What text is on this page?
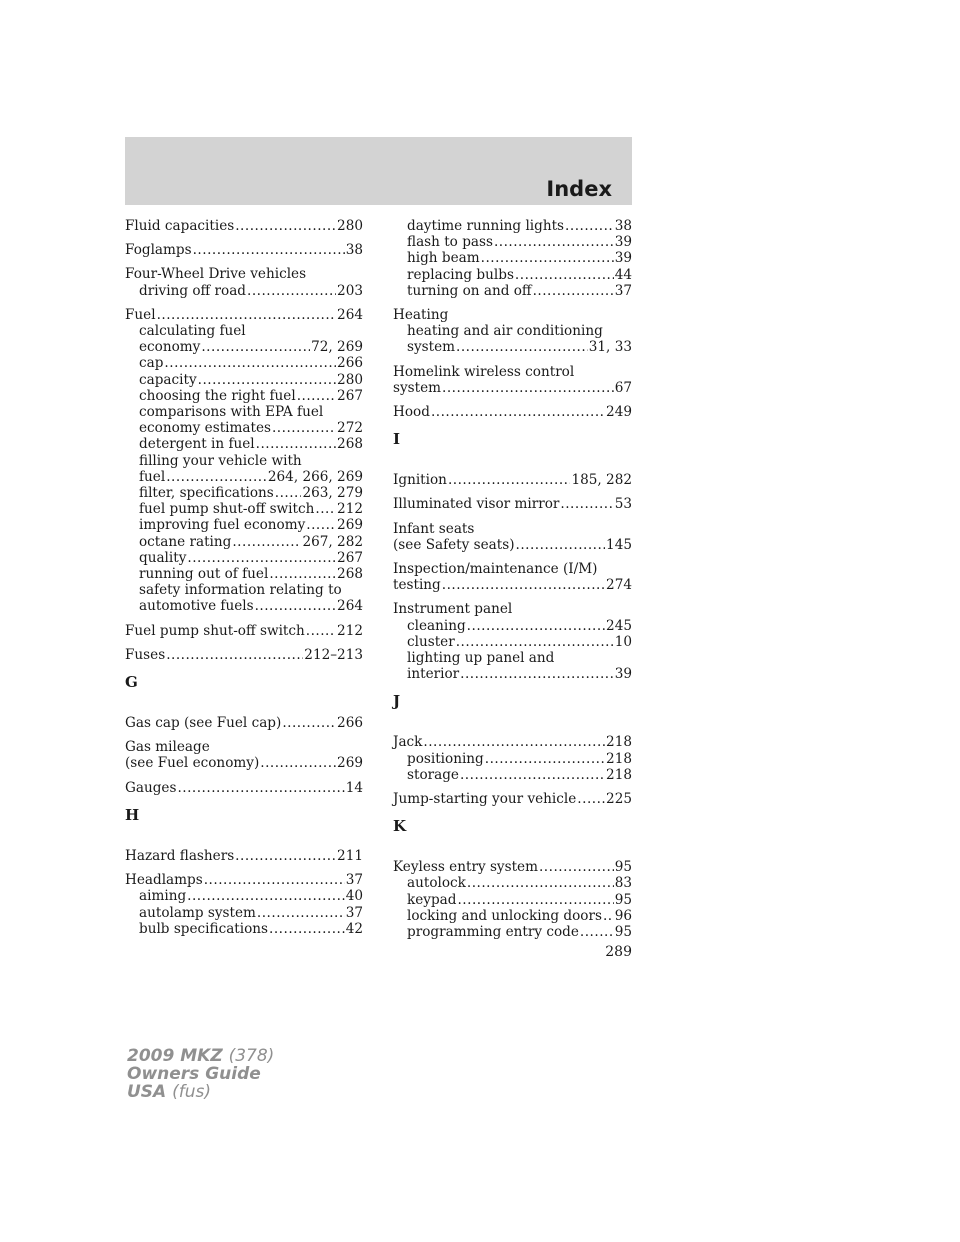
Index
Fluid capacities .....	280
Foglamps .....	38
Four-Wheel Drive vehicles
driving off road .....	203
Fuel .....	264
calculating fuel
economy .....	72, 269
cap .....	266
capacity .....	280
choosing the right fuel .....	267
comparisons with EPA fuel
economy estimates .....	272
detergent in fuel .....	268
filling your vehicle with
fuel .....	264, 266, 269
filter, specifications ..... 263, 279
fuel pump shut-off switch ..... 212
improving fuel economy ..... 269
octane rating .....	267, 282
quality .....	267
running out of fuel .....	268
safety information relating to
automotive fuels .....	264
Fuel pump shut-off switch ..... 212
Fuses .....	212–213
G
Gas cap (see Fuel cap) .....	266
Gas mileage
(see Fuel economy) .....	269
Gauges .....	14
H
Hazard flashers .....	211
Headlamps .....	37
aiming .....	40
autolamp system .....	37
bulb specifications .....	42
daytime running lights .....	38
flash to pass .....	39
high beam .....	39
replacing bulbs .....	44
turning on and off .....	37
Heating
heating and air conditioning
system .....	31, 33
Homelink wireless control
system .....	67
Hood .....	249
I
Ignition .....	185, 282
Illuminated visor mirror .....	53
Infant seats
(see Safety seats) .....	145
Inspection/maintenance (I/M)
testing .....	274
Instrument panel
cleaning .....	245
cluster .....	10
lighting up panel and
interior .....	39
J
Jack .....	218
positioning .....	218
storage .....	218
Jump-starting your vehicle ..... 225
K
Keyless entry system .....	95
autolock .....	83
keypad .....	95
locking and unlocking doors ..... 96
programming entry code .....	95
289
2009 MKZ (378)
Owners Guide
USA (fus)
